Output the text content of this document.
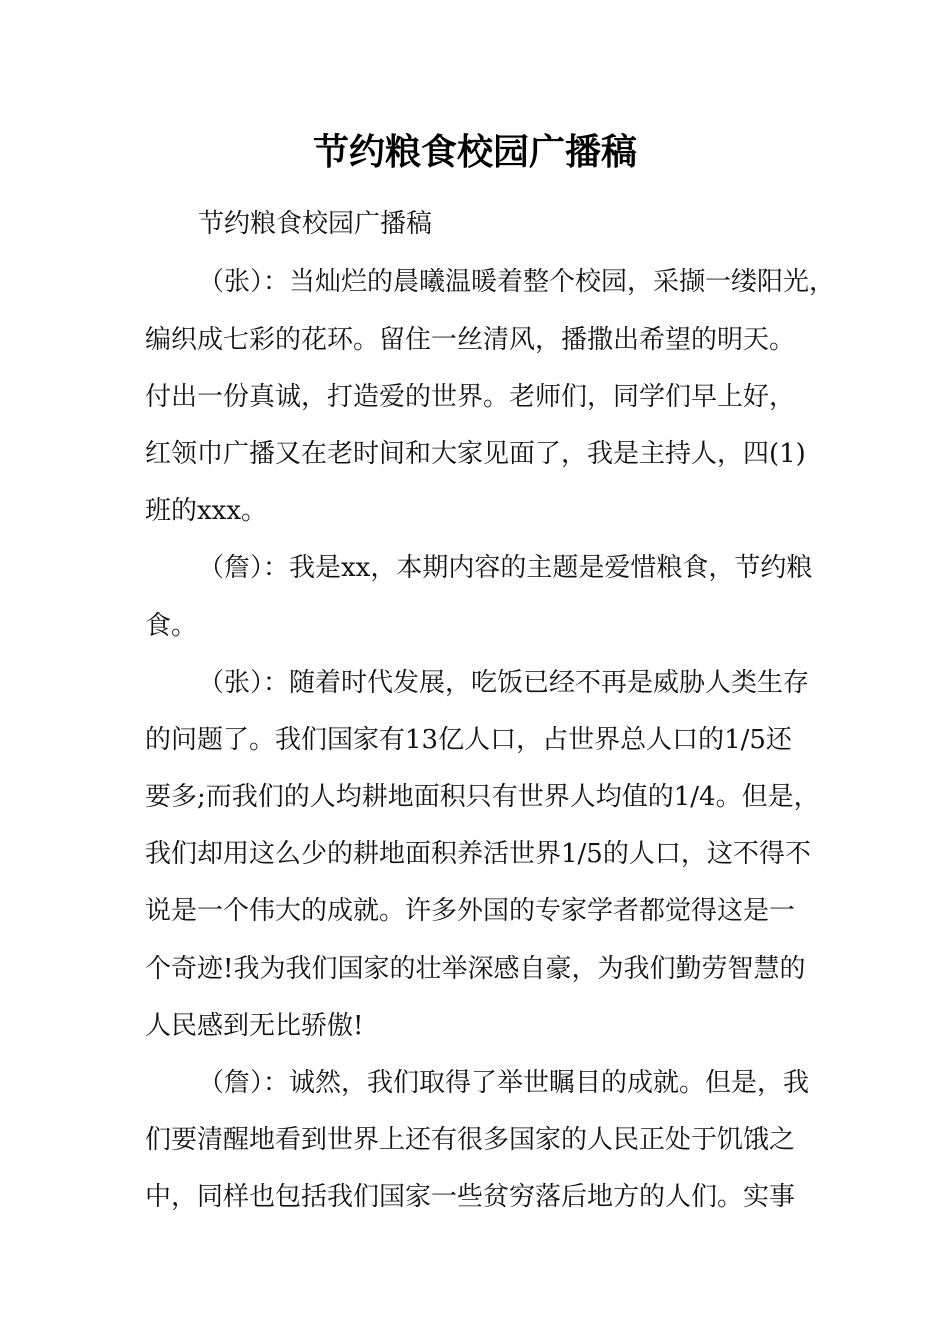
节约粮食校园广播稿
节约粮食校园广播稿
（张）：当灿烂的晨曦温暖着整个校园，采撷一缕阳光，
编织成七彩的花环。留住一丝清风，播撒出希望的明天。
付出一份真诚，打造爱的世界。老师们，同学们早上好，
红领巾广播又在老时间和大家见面了，我是主持人，四(1)
班的xxx。
（詹）：我是xx，本期内容的主题是爱惜粮食，节约粮
食。
（张）：随着时代发展，吃饭已经不再是威胁人类生存
的问题了。我们国家有13亿人口，占世界总人口的1/5还
要多;而我们的人均耕地面积只有世界人均值的1/4。但是，
我们却用这么少的耕地面积养活世界1/5的人口，这不得不
说是一个伟大的成就。许多外国的专家学者都觉得这是一
个奇迹!我为我们国家的壮举深感自豪，为我们勤劳智慧的
人民感到无比骄傲!
（詹）：诚然，我们取得了举世瞩目的成就。但是，我
们要清醒地看到世界上还有很多国家的人民正处于饥饿之
中，同样也包括我们国家一些贫穷落后地方的人们。实事
